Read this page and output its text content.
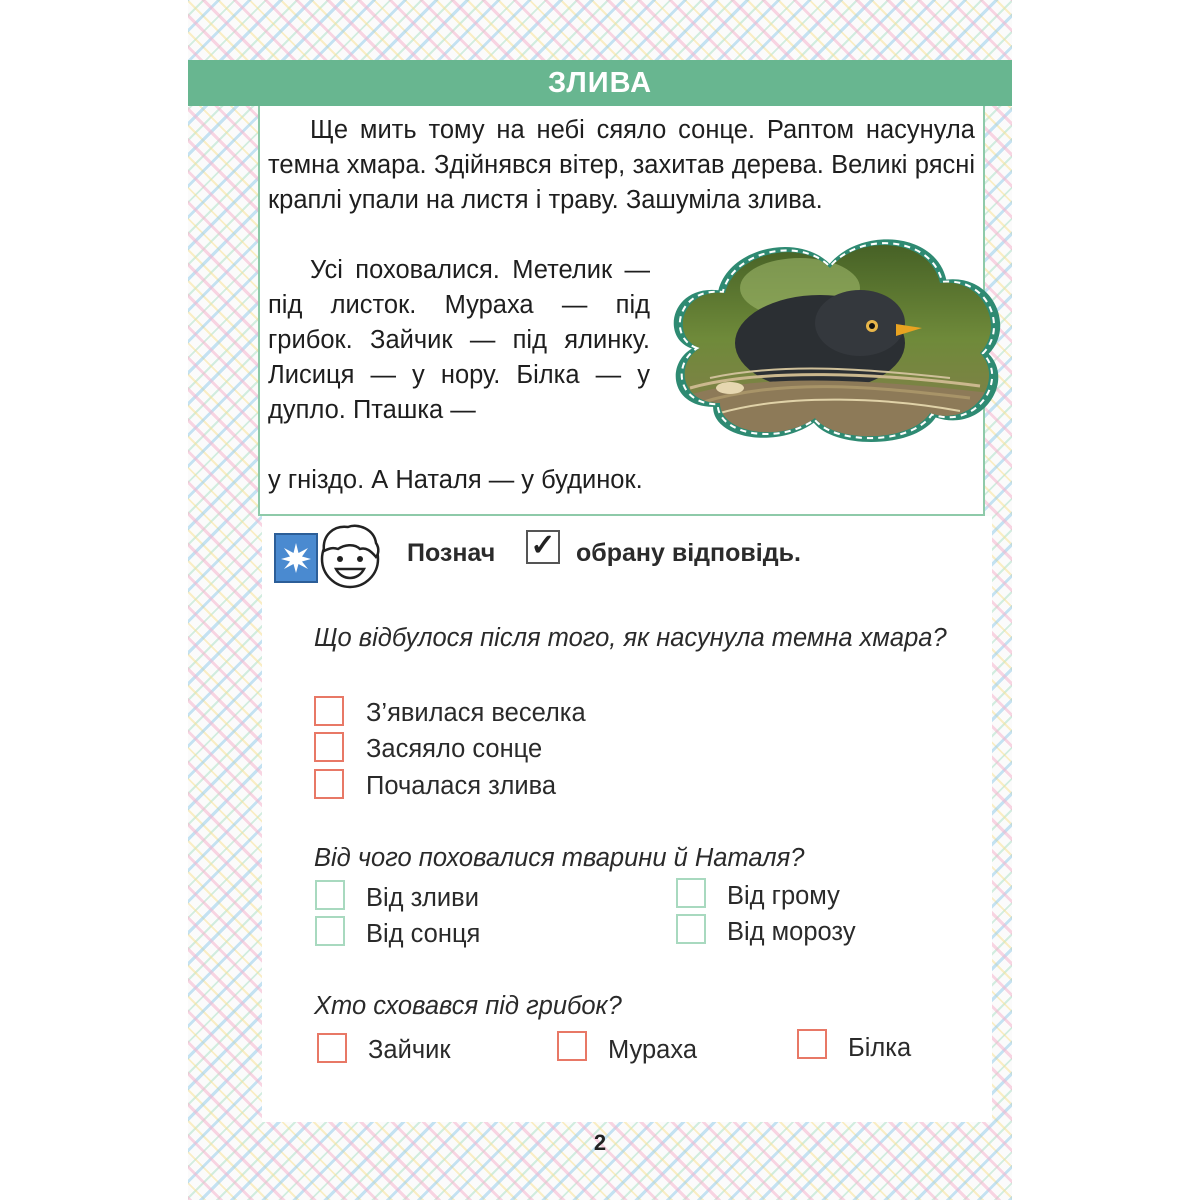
ЗЛИВА

Ще мить тому на небі сяяло сонце. Раптом насунула темна хмара. Здійнявся вітер, захитав дерева. Великі рясні краплі упали на листя і траву. Зашуміла злива.

Усі поховалися. Метелик — під листок. Мураха — під грибок. Зайчик — під ялинку. Лисиця — у нору. Білка — у дупло. Пташка —

у гніздо. А Наталя — у будинок.

Познач ✓ обрану відповідь.

Що відбулося після того, як насунула темна хмара?

З’явилася веселка
Засяяло сонце
Почалася злива

Від чого поховалися тварини й Наталя?

Від зливи
Від сонця
Від грому
Від морозу

Хто сховався під грибок?

Зайчик	Мураха	Білка
2
